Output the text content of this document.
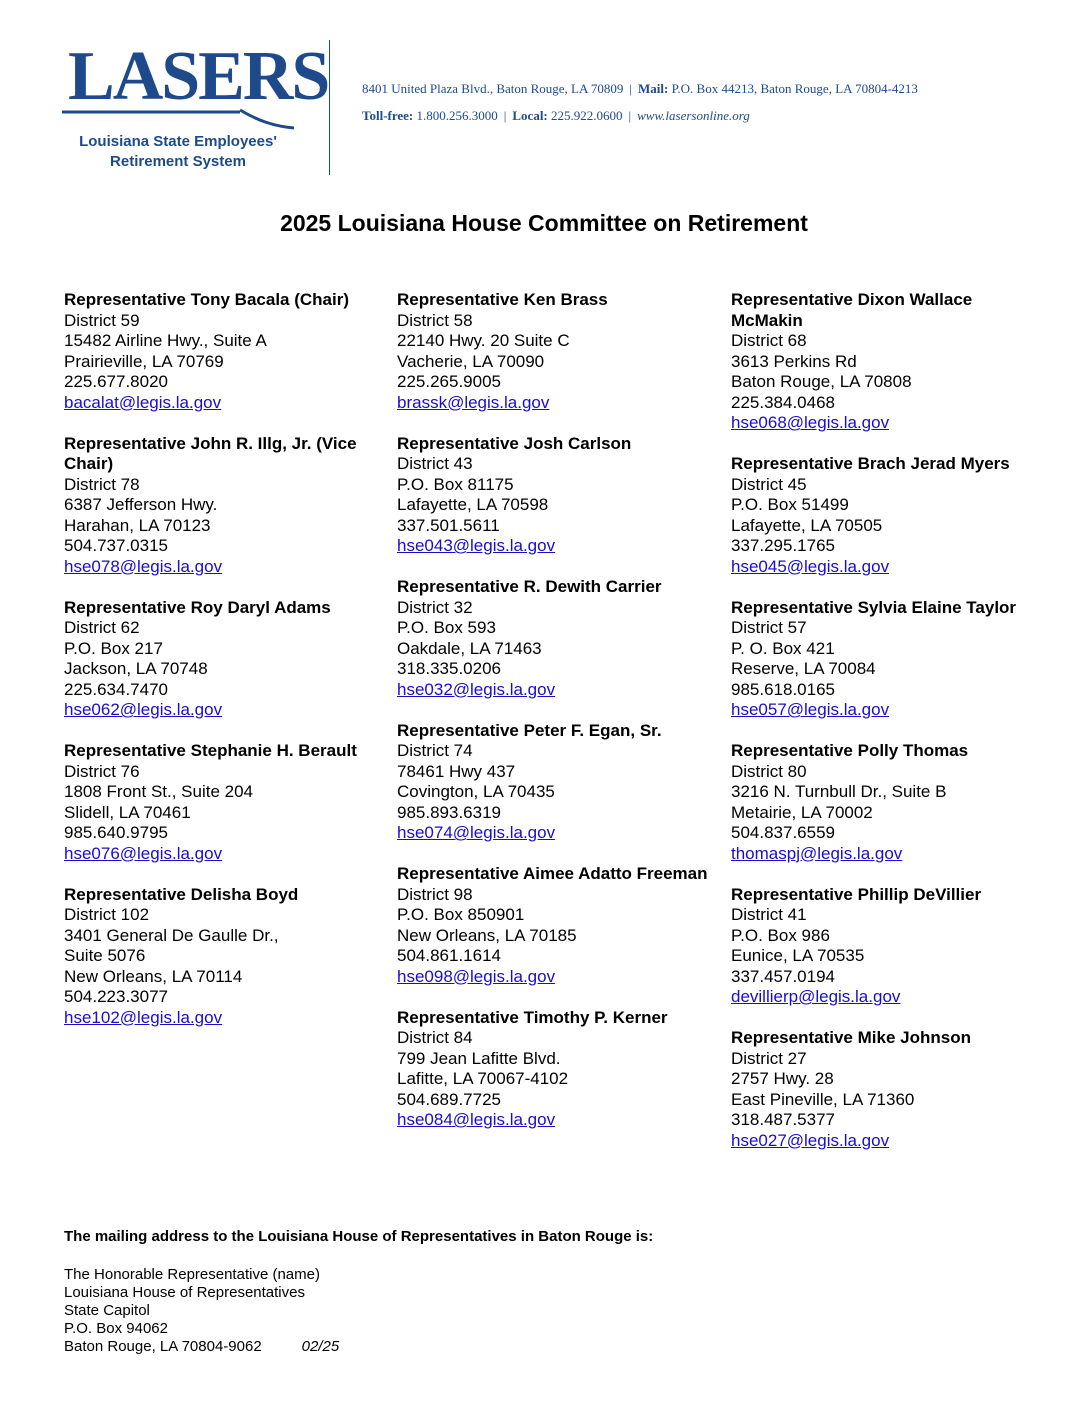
LASERS
Louisiana State Employees'
Retirement System
8401 United Plaza Blvd., Baton Rouge, LA 70809 | Mail: P.O. Box 44213, Baton Rouge, LA 70804-4213
Toll-free: 1.800.256.3000 | Local: 225.922.0600 | www.lasersonline.org
2025 Louisiana House Committee on Retirement
Representative Tony Bacala (Chair)
District 59
15482 Airline Hwy., Suite A
Prairieville, LA 70769
225.677.8020
bacalat@legis.la.gov
Representative John R. Illg, Jr. (Vice Chair)
District 78
6387 Jefferson Hwy.
Harahan, LA 70123
504.737.0315
hse078@legis.la.gov
Representative Roy Daryl Adams
District 62
P.O. Box 217
Jackson, LA 70748
225.634.7470
hse062@legis.la.gov
Representative Stephanie H. Berault
District 76
1808 Front St., Suite 204
Slidell, LA 70461
985.640.9795
hse076@legis.la.gov
Representative Delisha Boyd
District 102
3401 General De Gaulle Dr.,
Suite 5076
New Orleans, LA 70114
504.223.3077
hse102@legis.la.gov
Representative Ken Brass
District 58
22140 Hwy. 20 Suite C
Vacherie, LA 70090
225.265.9005
brassk@legis.la.gov
Representative Josh Carlson
District 43
P.O. Box 81175
Lafayette, LA 70598
337.501.5611
hse043@legis.la.gov
Representative R. Dewith Carrier
District 32
P.O. Box 593
Oakdale, LA 71463
318.335.0206
hse032@legis.la.gov
Representative Peter F. Egan, Sr.
District 74
78461 Hwy 437
Covington, LA 70435
985.893.6319
hse074@legis.la.gov
Representative Aimee Adatto Freeman
District 98
P.O. Box 850901
New Orleans, LA 70185
504.861.1614
hse098@legis.la.gov
Representative Timothy P. Kerner
District 84
799 Jean Lafitte Blvd.
Lafitte, LA 70067-4102
504.689.7725
hse084@legis.la.gov
Representative Dixon Wallace McMakin
District 68
3613 Perkins Rd
Baton Rouge, LA 70808
225.384.0468
hse068@legis.la.gov
Representative Brach Jerad Myers
District 45
P.O. Box 51499
Lafayette, LA 70505
337.295.1765
hse045@legis.la.gov
Representative Sylvia Elaine Taylor
District 57
P. O. Box 421
Reserve, LA 70084
985.618.0165
hse057@legis.la.gov
Representative Polly Thomas
District 80
3216 N. Turnbull Dr., Suite B
Metairie, LA 70002
504.837.6559
thomaspj@legis.la.gov
Representative Phillip DeVillier
District 41
P.O. Box 986
Eunice, LA 70535
337.457.0194
devillierp@legis.la.gov
Representative Mike Johnson
District 27
2757 Hwy. 28
East Pineville, LA 71360
318.487.5377
hse027@legis.la.gov
The mailing address to the Louisiana House of Representatives in Baton Rouge is:
The Honorable Representative (name)
Louisiana House of Representatives
State Capitol
P.O. Box 94062
Baton Rouge, LA 70804-9062	02/25
